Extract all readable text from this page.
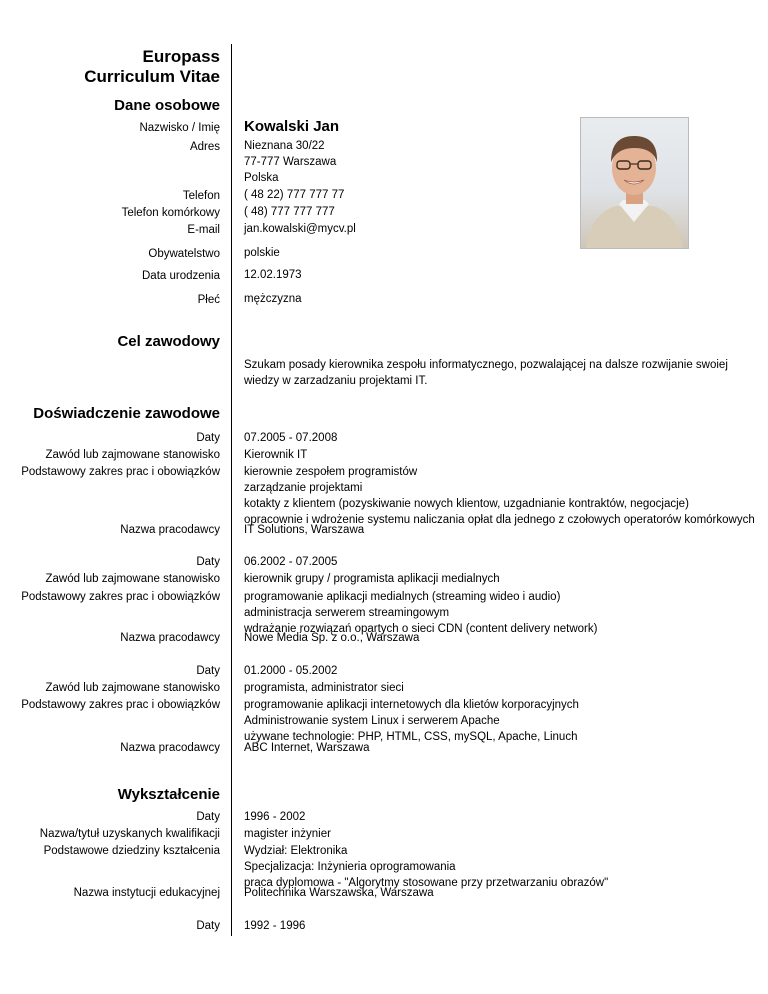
Europass
Curriculum Vitae
Dane osobowe
Nazwisko / Imię Kowalski Jan
Adres Nieznana 30/22
77-777 Warszawa
Polska
Telefon ( 48 22) 777 777 77
Telefon komórkowy ( 48) 777 777 777
E-mail jan.kowalski@mycv.pl
Obywatelstwo polskie
Data urodzenia 12.02.1973
Płeć mężczyzna
Cel zawodowy
Szukam posady kierownika zespołu informatycznego, pozwalającej na dalsze rozwijanie swoiej wiedzy w zarzadzaniu projektami IT.
Doświadczenie zawodowe
Daty 07.2005 - 07.2008
Zawód lub zajmowane stanowisko Kierownik IT
Podstawowy zakres prac i obowiązków kierownie zespołem programistów
zarządzanie projektami
kotakty z klientem (pozyskiwanie nowych klientow, uzgadnianie kontraktów, negocjacje)
opracownie i wdrożenie systemu naliczania opłat dla jednego z czołowych operatorów komórkowych
Nazwa pracodawcy IT Solutions, Warszawa
Daty 06.2002 - 07.2005
Zawód lub zajmowane stanowisko kierownik grupy / programista aplikacji medialnych
Podstawowy zakres prac i obowiązków programowanie aplikacji medialnych (streaming wideo i audio)
administracja serwerem streamingowym
wdrażanie rozwiązań opartych o sieci CDN (content delivery network)
Nazwa pracodawcy Nowe Media Sp. z o.o., Warszawa
Daty 01.2000 - 05.2002
Zawód lub zajmowane stanowisko programista, administrator sieci
Podstawowy zakres prac i obowiązków programowanie aplikacji internetowych dla klietów korporacyjnych
Administrowanie system Linux i serwerem Apache
używane technologie: PHP, HTML, CSS, mySQL, Apache, Linuch
Nazwa pracodawcy ABC Internet, Warszawa
Wykształcenie
Daty 1996 - 2002
Nazwa/tytuł uzyskanych kwalifikacji magister inżynier
Podstawowe dziedziny kształcenia Wydział: Elektronika
Specjalizacja: Inżynieria oprogramowania
praca dyplomowa - "Algorytmy stosowane przy przetwarzaniu obrazów"
Nazwa instytucji edukacyjnej Politechnika Warszawska, Warszawa
Daty 1992 - 1996
